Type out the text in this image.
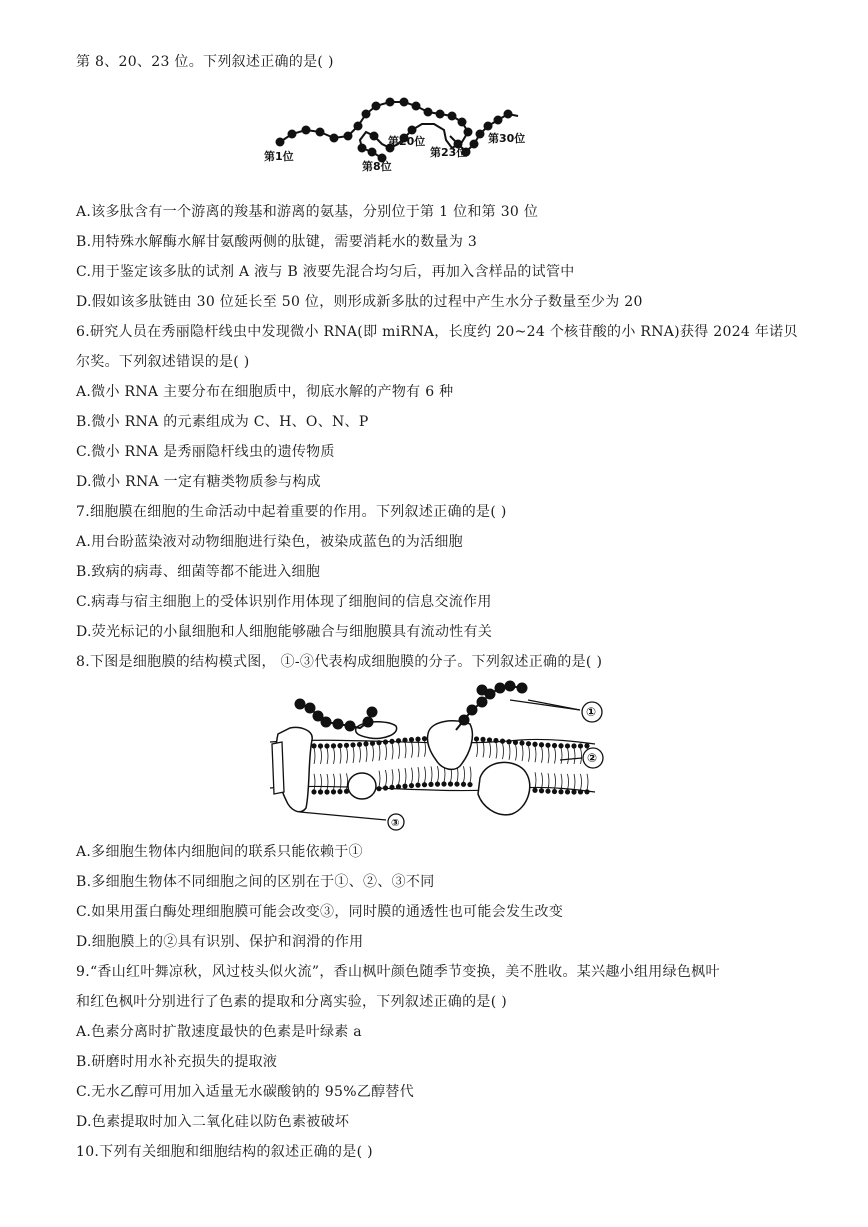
第 8、20、23 位。下列叙述正确的是( )
第1位
第8位
第20位
第23位
第30位
A.该多肽含有一个游离的羧基和游离的氨基，分别位于第 1 位和第 30 位
B.用特殊水解酶水解甘氨酸两侧的肽键，需要消耗水的数量为 3
C.用于鉴定该多肽的试剂 A 液与 B 液要先混合均匀后，再加入含样品的试管中
D.假如该多肽链由 30 位延长至 50 位，则形成新多肽的过程中产生水分子数量至少为 20
6.研究人员在秀丽隐杆线虫中发现微小 RNA(即 miRNA，长度约 20~24 个核苷酸的小 RNA)获得 2024 年诺贝
尔奖。下列叙述错误的是( )
A.微小 RNA 主要分布在细胞质中，彻底水解的产物有 6 种
B.微小 RNA 的元素组成为 C、H、O、N、P
C.微小 RNA 是秀丽隐杆线虫的遗传物质
D.微小 RNA 一定有糖类物质参与构成
7.细胞膜在细胞的生命活动中起着重要的作用。下列叙述正确的是( )
A.用台盼蓝染液对动物细胞进行染色，被染成蓝色的为活细胞
B.致病的病毒、细菌等都不能进入细胞
C.病毒与宿主细胞上的受体识别作用体现了细胞间的信息交流作用
D.荧光标记的小鼠细胞和人细胞能够融合与细胞膜具有流动性有关
8.下图是细胞膜的结构模式图， ①-③代表构成细胞膜的分子。下列叙述正确的是( )
①
②
③
A.多细胞生物体内细胞间的联系只能依赖于①
B.多细胞生物体不同细胞之间的区别在于①、②、③不同
C.如果用蛋白酶处理细胞膜可能会改变③，同时膜的通透性也可能会发生改变
D.细胞膜上的②具有识别、保护和润滑的作用
9.“香山红叶舞凉秋，风过枝头似火流”，香山枫叶颜色随季节变换，美不胜收。某兴趣小组用绿色枫叶
和红色枫叶分别进行了色素的提取和分离实验，下列叙述正确的是( )
A.色素分离时扩散速度最快的色素是叶绿素 a
B.研磨时用水补充损失的提取液
C.无水乙醇可用加入适量无水碳酸钠的 95%乙醇替代
D.色素提取时加入二氧化硅以防色素被破坏
10.下列有关细胞和细胞结构的叙述正确的是( )
